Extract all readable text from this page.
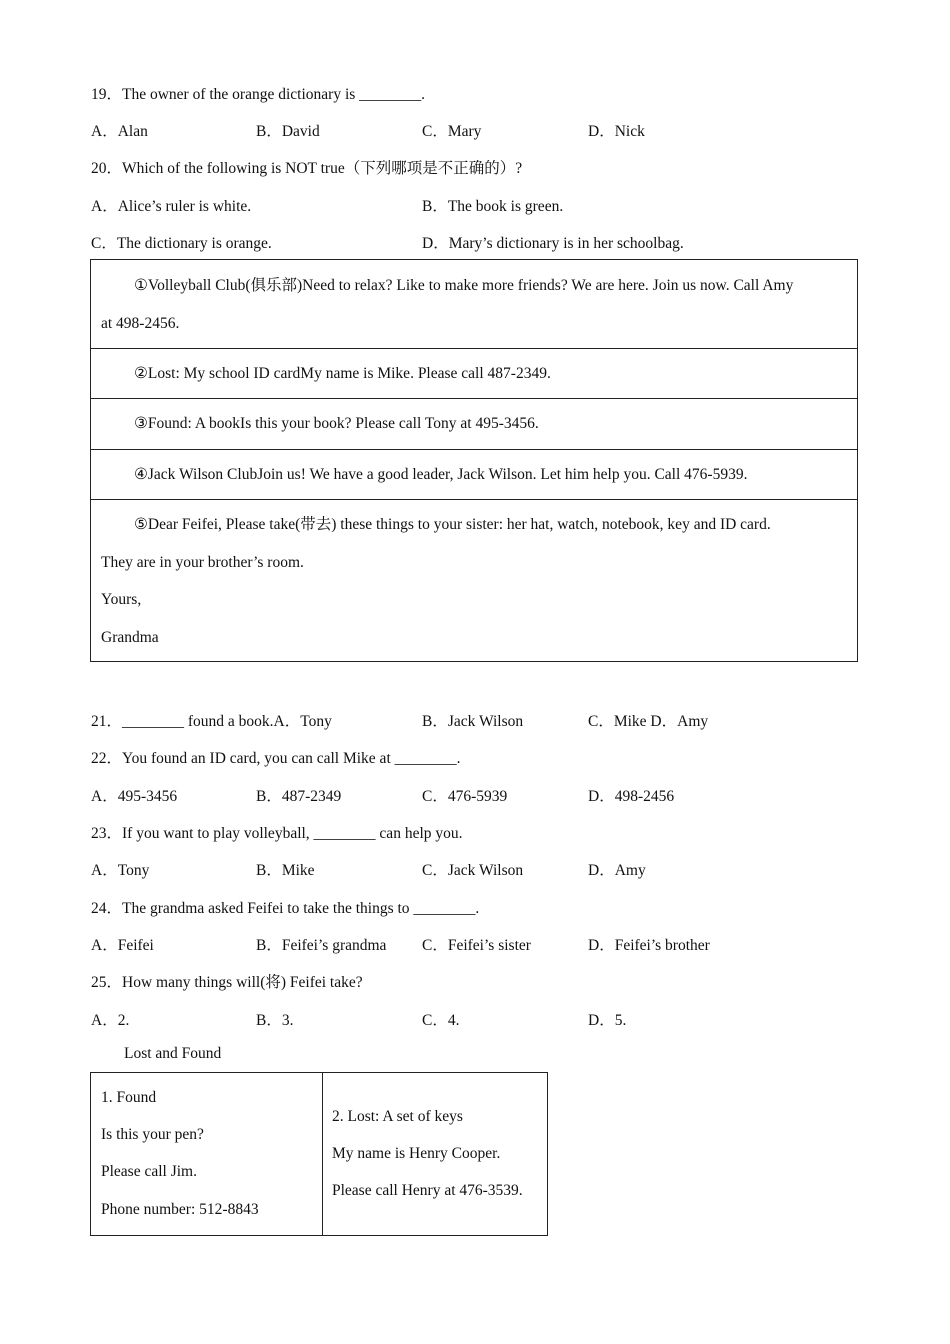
19．The owner of the orange dictionary is ________.
A．Alan	B．David	C．Mary	D．Nick
20．Which of the following is NOT true（下列哪项是不正确的）?
A．Alice’s ruler is white.	B．The book is green.
C．The dictionary is orange.	D．Mary’s dictionary is in her schoolbag.
①Volleyball Club(俱乐部)Need to relax? Like to make more friends? We are here. Join us now. Call Amy
at 498-2456.
②Lost: My school ID cardMy name is Mike. Please call 487-2349.
③Found: A bookIs this your book? Please call Tony at 495-3456.
④Jack Wilson ClubJoin us! We have a good leader, Jack Wilson. Let him help you. Call 476-5939.
⑤Dear Feifei, Please take(带去) these things to your sister: her hat, watch, notebook, key and ID card.
They are in your brother’s room.
Yours,
Grandma
21．________ found a book.A．Tony	B．Jack Wilson	C．Mike D．Amy
22．You found an ID card, you can call Mike at ________.
A．495-3456	B．487-2349	C．476-5939	D．498-2456
23．If you want to play volleyball, ________ can help you.
A．Tony	B．Mike	C．Jack Wilson	D．Amy
24．The grandma asked Feifei to take the things to ________.
A．Feifei	B．Feifei’s grandma C．Feifei’s sister	D．Feifei’s brother
25．How many things will(将) Feifei take?
A．2.	B．3.	C．4.	D．5.
Lost and Found

1. Found

Is this your pen?

Please call Jim.

Phone number: 512-8843

2. Lost: A set of keys

My name is Henry Cooper.

Please call Henry at 476-3539.
